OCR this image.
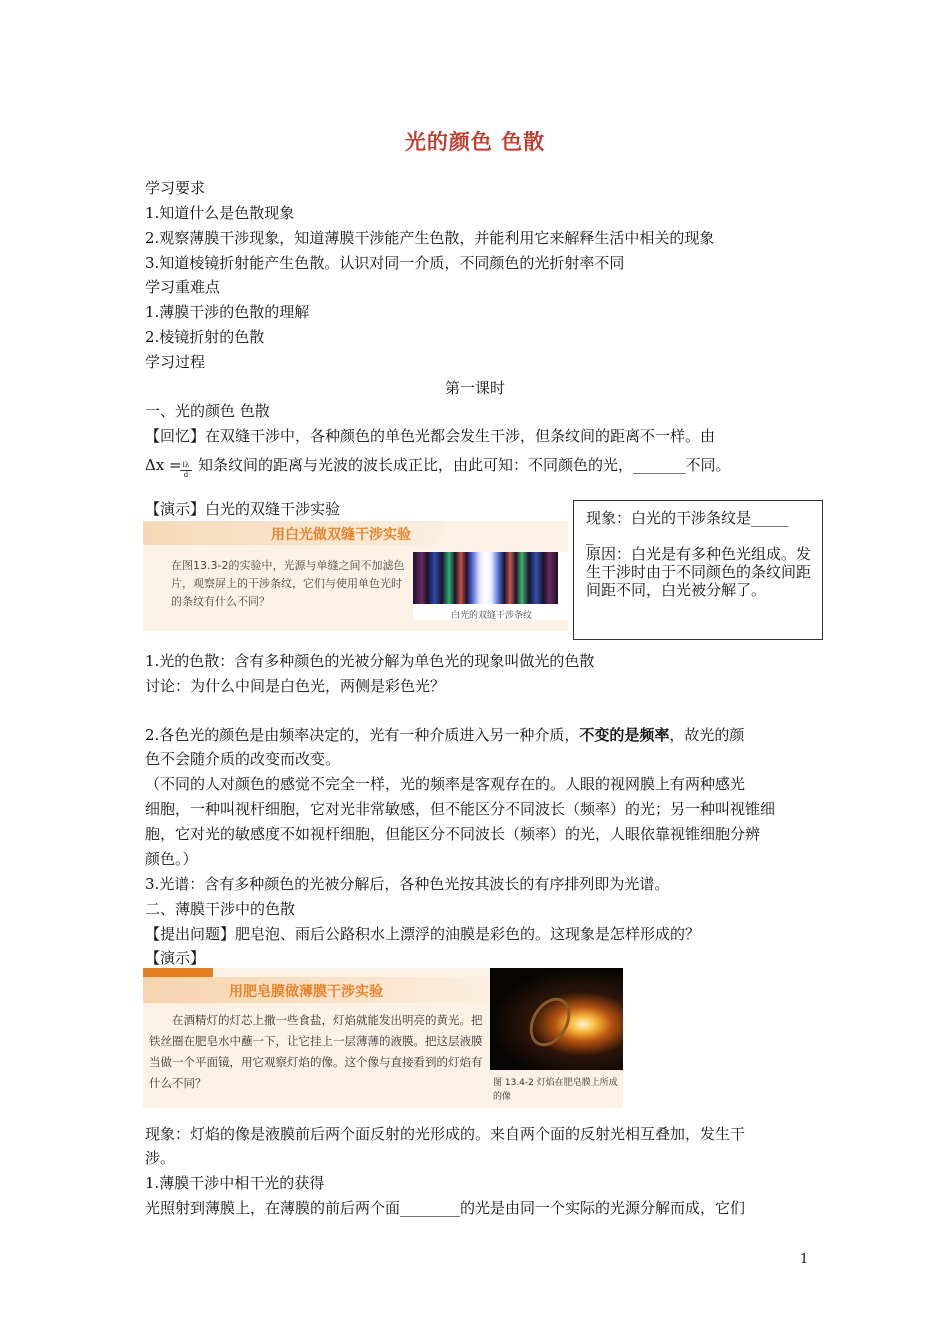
光的颜色 色散
学习要求
1.知道什么是色散现象
2.观察薄膜干涉现象，知道薄膜干涉能产生色散，并能利用它来解释生活中相关的现象
3.知道棱镜折射能产生色散。认识对同一介质，不同颜色的光折射率不同
学习重难点
1.薄膜干涉的色散的理解
2.棱镜折射的色散
学习过程
第一课时
一、光的颜色 色散
【回忆】在双缝干涉中，各种颜色的单色光都会发生干涉，但条纹间的距离不一样。由
Δx =
$\frac{l\lambda}{d}$ 知条纹间的距离与光波的波长成正比，由此可知：不同颜色的光，_______不同。
【演示】白光的双缝干涉实验
用白光做双缝干涉实验
在图13.3-2的实验中，光源与单缝之间不加滤色片，观察屏上的干涉条纹，它们与使用单色光时的条纹有什么不同？
白光的双缝干涉条纹
现象：白光的干涉条纹是_____
_
原因：白光是有多种色光组成。发生干涉时由于不同颜色的条纹间距间距不同，白光被分解了。
1.光的色散：含有多种颜色的光被分解为单色光的现象叫做光的色散
讨论：为什么中间是白色光，两侧是彩色光？
2.各色光的颜色是由频率决定的，光有一种介质进入另一种介质，不变的是频率，故光的颜
色不会随介质的改变而改变。
（不同的人对颜色的感觉不完全一样，光的频率是客观存在的。人眼的视网膜上有两种感光
细胞，一种叫视杆细胞，它对光非常敏感，但不能区分不同波长（频率）的光；另一种叫视锥细
胞，它对光的敏感度不如视杆细胞，但能区分不同波长（频率）的光，人眼依靠视锥细胞分辨
颜色。）
3.光谱：含有多种颜色的光被分解后，各种色光按其波长的有序排列即为光谱。
二、薄膜干涉中的色散
【提出问题】肥皂泡、雨后公路积水上漂浮的油膜是彩色的。这现象是怎样形成的？
【演示】
用肥皂膜做薄膜干涉实验
在酒精灯的灯芯上撒一些食盐，灯焰就能发出明亮的黄光。把铁丝圈在肥皂水中蘸一下，让它挂上一层薄薄的液膜。把这层液膜当做一个平面镜，用它观察灯焰的像。这个像与直接看到的灯焰有什么不同？	图 13.4-2 灯焰在肥皂膜上所成的像
现象：灯焰的像是液膜前后两个面反射的光形成的。来自两个面的反射光相互叠加，发生干
涉。
1.薄膜干涉中相干光的获得
光照射到薄膜上，在薄膜的前后两个面________的光是由同一个实际的光源分解而成，它们
1
